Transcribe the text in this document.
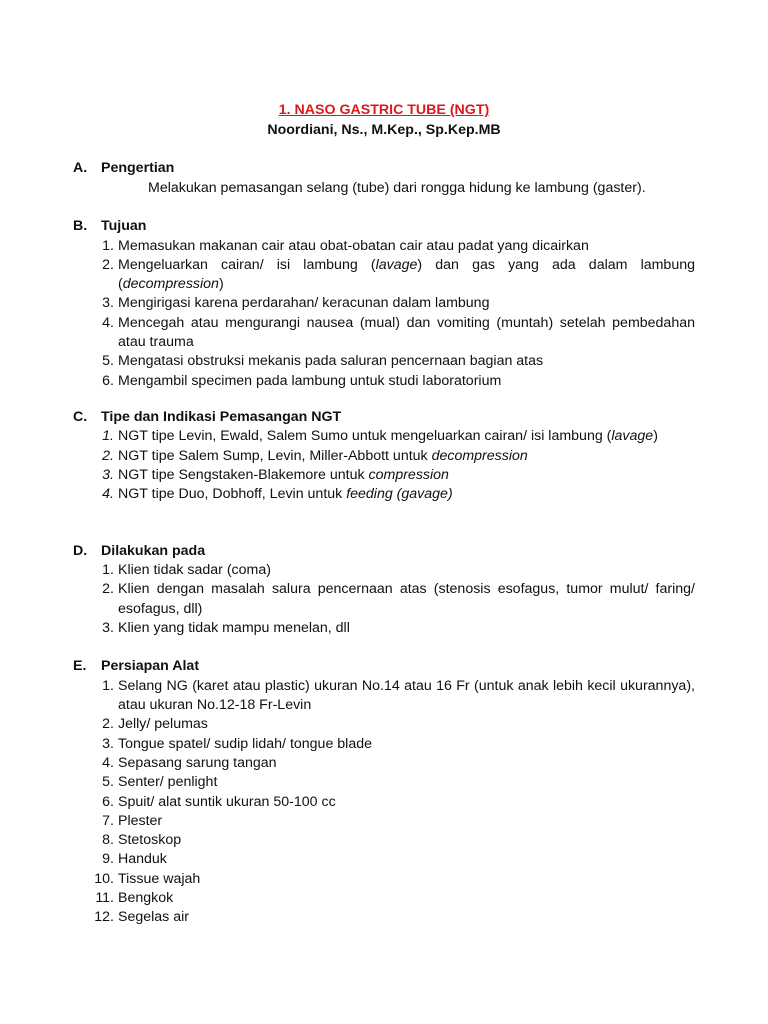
1. NASO GASTRIC TUBE (NGT)
Noordiani, Ns., M.Kep., Sp.Kep.MB
A. Pengertian

Melakukan pemasangan selang (tube) dari rongga hidung ke lambung (gaster).

B. Tujuan
1. Memasukan makanan cair atau obat-obatan cair atau padat yang dicairkan
2. Mengeluarkan cairan/ isi lambung (lavage) dan gas yang ada dalam lambung (decompression)
3. Mengirigasi karena perdarahan/ keracunan dalam lambung
4. Mencegah atau mengurangi nausea (mual) dan vomiting (muntah) setelah pembedahan atau trauma
5. Mengatasi obstruksi mekanis pada saluran pencernaan bagian atas
6. Mengambil specimen pada lambung untuk studi laboratorium
C. Tipe dan Indikasi Pemasangan NGT
1. NGT tipe Levin, Ewald, Salem Sumo untuk mengeluarkan cairan/ isi lambung (lavage)
2. NGT tipe Salem Sump, Levin, Miller-Abbott untuk decompression
3. NGT tipe Sengstaken-Blakemore untuk compression
4. NGT tipe Duo, Dobhoff, Levin untuk feeding (gavage)
D. Dilakukan pada
1. Klien tidak sadar (coma)
2. Klien dengan masalah salura pencernaan atas (stenosis esofagus, tumor mulut/ faring/ esofagus, dll)
3. Klien yang tidak mampu menelan, dll
E.	Persiapan Alat
1. Selang NG (karet atau plastic) ukuran No.14 atau 16 Fr (untuk anak lebih kecil ukurannya), atau ukuran No.12-18 Fr-Levin
2. Jelly/ pelumas
3. Tongue spatel/ sudip lidah/ tongue blade
4. Sepasang sarung tangan
5. Senter/ penlight
6. Spuit/ alat suntik ukuran 50-100 cc
7. Plester
8. Stetoskop
9. Handuk
10. Tissue wajah
11. Bengkok
12. Segelas air
